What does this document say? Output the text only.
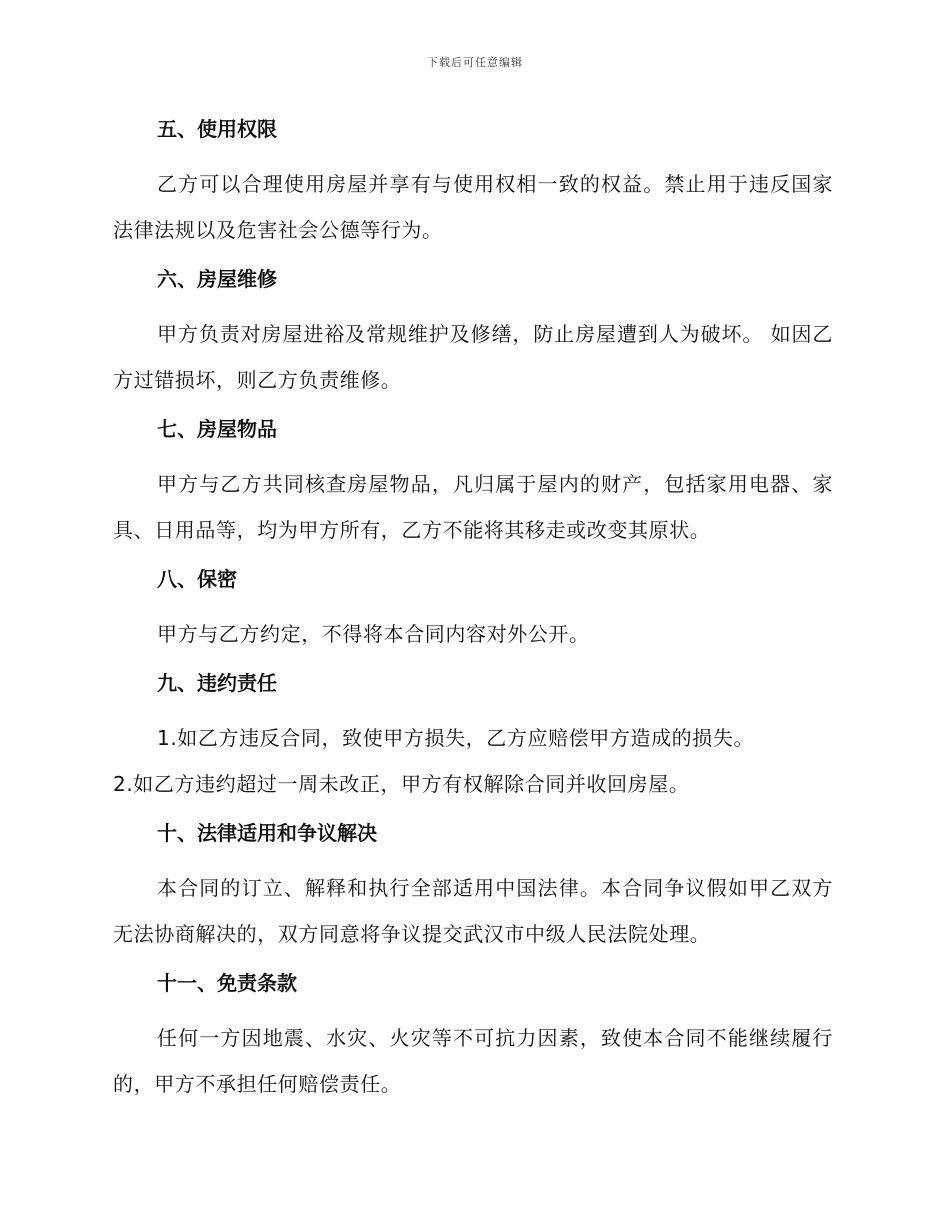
下载后可任意编辑
五、使用权限
乙方可以合理使用房屋并享有与使用权相一致的权益。禁止用于违反国家法律法规以及危害社会公德等行为。
六、房屋维修
甲方负责对房屋进裕及常规维护及修缮，防止房屋遭到人为破坏。 如因乙方过错损坏，则乙方负责维修。
七、房屋物品
甲方与乙方共同核查房屋物品，凡归属于屋内的财产，包括家用电器、家具、日用品等，均为甲方所有，乙方不能将其移走或改变其原状。
八、保密
甲方与乙方约定，不得将本合同内容对外公开。
九、违约责任
1.如乙方违反合同，致使甲方损失，乙方应赔偿甲方造成的损失。
2.如乙方违约超过一周未改正，甲方有权解除合同并收回房屋。
十、法律适用和争议解决
本合同的订立、解释和执行全部适用中国法律。本合同争议假如甲乙双方无法协商解决的，双方同意将争议提交武汉市中级人民法院处理。
十一、免责条款
任何一方因地震、水灾、火灾等不可抗力因素，致使本合同不能继续履行的，甲方不承担任何赔偿责任。
